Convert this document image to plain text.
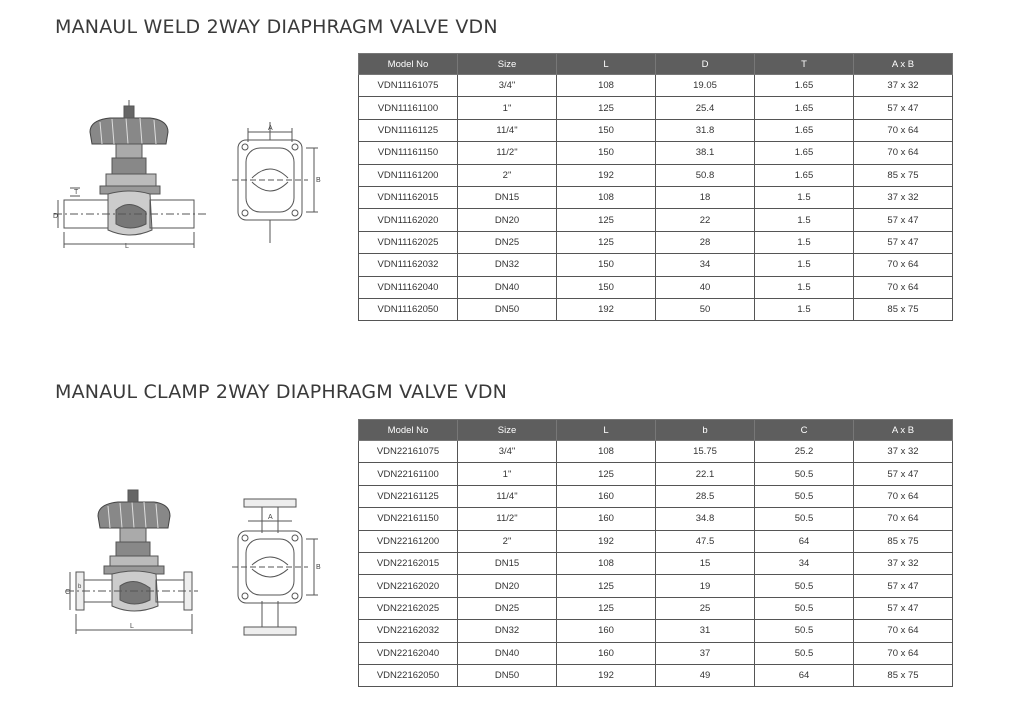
MANAUL WELD 2WAY DIAPHRAGM VALVE VDN
L
D
T
A
B
Model No	Size	L	D	T	A x B
VDN11161075	3/4"	108	19.05	1.65	37 x 32
VDN11161100	1"	125	25.4	1.65	57 x 47
VDN11161125	11/4"	150	31.8	1.65	70 x 64
VDN11161150	11/2"	150	38.1	1.65	70 x 64
VDN11161200	2"	192	50.8	1.65	85 x 75
VDN11162015	DN15	108	18	1.5	37 x 32
VDN11162020	DN20	125	22	1.5	57 x 47
VDN11162025	DN25	125	28	1.5	57 x 47
VDN11162032	DN32	150	34	1.5	70 x 64
VDN11162040	DN40	150	40	1.5	70 x 64
VDN11162050	DN50	192	50	1.5	85 x 75
MANAUL CLAMP 2WAY DIAPHRAGM VALVE VDN
L
C
b
A
B
Model No	Size	L	b	C	A x B
VDN22161075	3/4"	108	15.75	25.2	37 x 32
VDN22161100	1"	125	22.1	50.5	57 x 47
VDN22161125	11/4"	160	28.5	50.5	70 x 64
VDN22161150	11/2"	160	34.8	50.5	70 x 64
VDN22161200	2"	192	47.5	64	85 x 75
VDN22162015	DN15	108	15	34	37 x 32
VDN22162020	DN20	125	19	50.5	57 x 47
VDN22162025	DN25	125	25	50.5	57 x 47
VDN22162032	DN32	160	31	50.5	70 x 64
VDN22162040	DN40	160	37	50.5	70 x 64
VDN22162050	DN50	192	49	64	85 x 75
